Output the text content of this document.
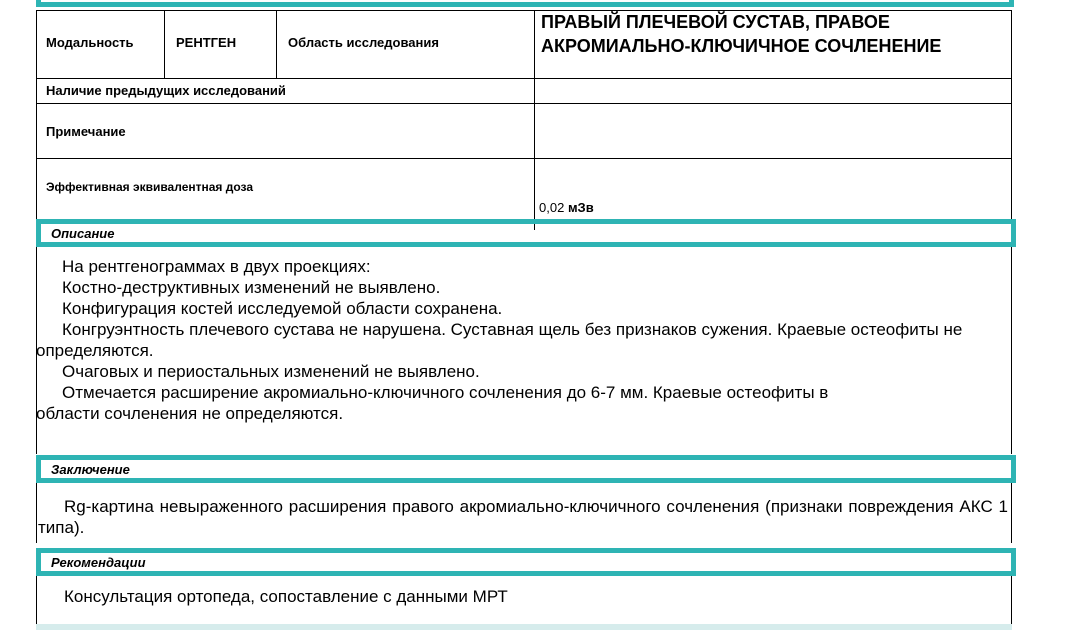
Модальность	РЕНТГЕН	Область исследования
ПРАВЫЙ ПЛЕЧЕВОЙ СУСТАВ, ПРАВОЕ
АКРОМИАЛЬНО-КЛЮЧИЧНОЕ СОЧЛЕНЕНИЕ
Наличие предыдущих исследований
Примечание
Эффективная эквивалентная доза
0,02 мЗв
Описание

На рентгенограммах в двух проекциях:

Костно-деструктивных изменений не выявлено.

Конфигурация костей исследуемой области сохранена.

Конгруэнтность плечевого сустава не нарушена. Суставная щель без признаков сужения. Краевые остеофиты не определяются.

Очаговых и периостальных изменений не выявлено.

Отмечается расширение акромиально-ключичного сочленения до 6-7 мм. Краевые остеофиты в области сочленения не определяются.

Заключение
Rg-картина невыраженного расширения правого акромиально-ключичного сочленения (признаки повреждения АКС 1 типа).
Рекомендации
Консультация ортопеда, сопоставление с данными МРТ
